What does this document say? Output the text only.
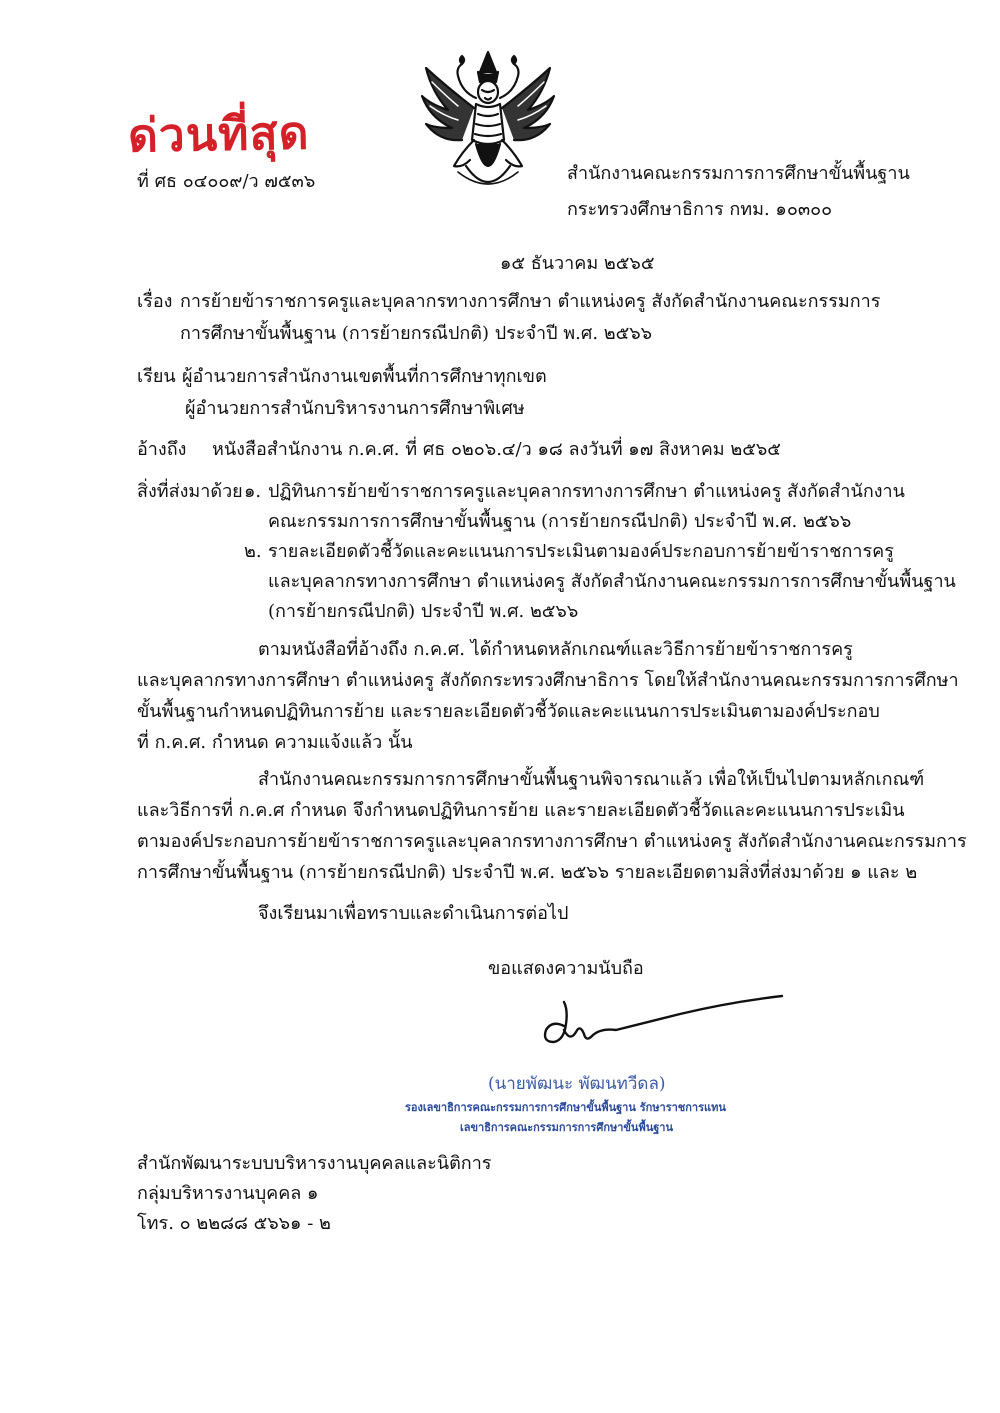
ด่วนที่สุด
ที่ ศธ ๐๔๐๐๙/ว ๗๕๓๖	สำนักงานคณะกรรมการการศึกษาขั้นพื้นฐาน
กระทรวงศึกษาธิการ กทม. ๑๐๓๐๐
๑๕ ธันวาคม ๒๕๖๕
เรื่อง การย้ายข้าราชการครูและบุคลากรทางการศึกษา ตำแหน่งครู สังกัดสำนักงานคณะกรรมการ
การศึกษาขั้นพื้นฐาน (การย้ายกรณีปกติ) ประจำปี พ.ศ. ๒๕๖๖
เรียน ผู้อำนวยการสำนักงานเขตพื้นที่การศึกษาทุกเขต
ผู้อำนวยการสำนักบริหารงานการศึกษาพิเศษ
อ้างถึง หนังสือสำนักงาน ก.ค.ศ. ที่ ศธ ๐๒๐๖.๔/ว ๑๘ ลงวันที่ ๑๗ สิงหาคม ๒๕๖๕
สิ่งที่ส่งมาด้วย ๑. ปฏิทินการย้ายข้าราชการครูและบุคลากรทางการศึกษา ตำแหน่งครู สังกัดสำนักงาน
คณะกรรมการการศึกษาขั้นพื้นฐาน (การย้ายกรณีปกติ) ประจำปี พ.ศ. ๒๕๖๖
๒. รายละเอียดตัวชี้วัดและคะแนนการประเมินตามองค์ประกอบการย้ายข้าราชการครู
และบุคลากรทางการศึกษา ตำแหน่งครู สังกัดสำนักงานคณะกรรมการการศึกษาขั้นพื้นฐาน
(การย้ายกรณีปกติ) ประจำปี พ.ศ. ๒๕๖๖
ตามหนังสือที่อ้างถึง ก.ค.ศ. ได้กำหนดหลักเกณฑ์และวิธีการย้ายข้าราชการครู
และบุคลากรทางการศึกษา ตำแหน่งครู สังกัดกระทรวงศึกษาธิการ โดยให้สำนักงานคณะกรรมการการศึกษา
ขั้นพื้นฐานกำหนดปฏิทินการย้าย และรายละเอียดตัวชี้วัดและคะแนนการประเมินตามองค์ประกอบ
ที่ ก.ค.ศ. กำหนด ความแจ้งแล้ว นั้น
สำนักงานคณะกรรมการการศึกษาขั้นพื้นฐานพิจารณาแล้ว เพื่อให้เป็นไปตามหลักเกณฑ์
และวิธีการที่ ก.ค.ศ กำหนด จึงกำหนดปฏิทินการย้าย และรายละเอียดตัวชี้วัดและคะแนนการประเมิน
ตามองค์ประกอบการย้ายข้าราชการครูและบุคลากรทางการศึกษา ตำแหน่งครู สังกัดสำนักงานคณะกรรมการ
การศึกษาขั้นพื้นฐาน (การย้ายกรณีปกติ) ประจำปี พ.ศ. ๒๕๖๖ รายละเอียดตามสิ่งที่ส่งมาด้วย ๑ และ ๒
จึงเรียนมาเพื่อทราบและดำเนินการต่อไป
ขอแสดงความนับถือ
(นายพัฒนะ พัฒนทวีดล)
รองเลขาธิการคณะกรรมการการศึกษาขั้นพื้นฐาน รักษาราชการแทน
เลขาธิการคณะกรรมการการศึกษาขั้นพื้นฐาน
สำนักพัฒนาระบบบริหารงานบุคคลและนิติการ
กลุ่มบริหารงานบุคคล ๑
โทร. ๐ ๒๒๘๘ ๕๖๖๑ - ๒
